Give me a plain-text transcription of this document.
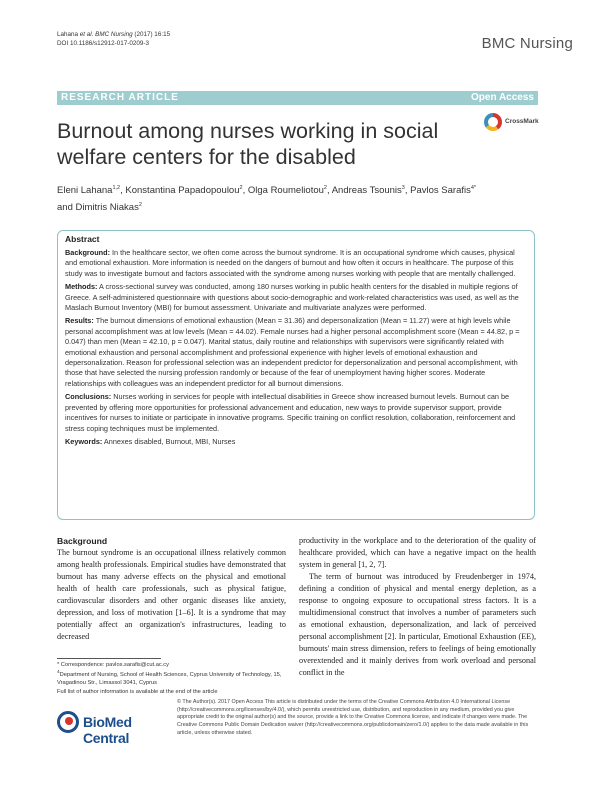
Lahana et al. BMC Nursing (2017) 16:15
DOI 10.1186/s12912-017-0209-3	BMC Nursing
RESEARCH ARTICLE	Open Access
Burnout among nurses working in social welfare centers for the disabled
CrossMark
Eleni Lahana$^{1,2}$, Konstantina Papadopoulou$^2$, Olga Roumeliotou$^2$, Andreas Tsounis$^3$, Pavlos Sarafis$^{4*}$
and Dimitris Niakas$^2$
Abstract

Background: In the healthcare sector, we often come across the burnout syndrome. It is an occupational syndrome which causes, physical and emotional exhaustion. More information is needed on the dangers of burnout and how often it occurs in healthcare. The purpose of this study was to investigate burnout and factors associated with the syndrome among nurses working with people that are mentally challenged.

Methods: A cross-sectional survey was conducted, among 180 nurses working in public health centers for the disabled in multiple regions of Greece. A self-administered questionnaire with questions about socio-demographic and work-related characteristics was used, as well as the Maslach Burnout Inventory (MBI) for burnout assessment. Univariate and multivariate analyzes were performed.

Results: The burnout dimensions of emotional exhaustion (Mean = 31.36) and depersonalization (Mean = 11.27) were at high levels while personal accomplishment was at low levels (Mean = 44.02). Female nurses had a higher personal accomplishment score (Mean = 44.82, p = 0.047) than men (Mean = 42.10, p = 0.047). Marital status, daily routine and relationships with supervisors were significantly related with emotional exhaustion and personal accomplishment and professional experience with higher levels of emotional exhaustion and depersonalization. Reason for professional selection was an independent predictor for depersonalization and personal accomplishment, with those that have selected the nursing profession randomly or because of the fear of unemployment having higher scores. Moderate relationships with colleagues was an independent predictor for all burnout dimensions.

Conclusions: Nurses working in services for people with intellectual disabilities in Greece show increased burnout levels. Burnout can be prevented by offering more opportunities for professional advancement and education, new ways to provide supervisor support, provide incentives for nurses to initiate or participate in innovative programs. Specific training on conflict resolution, collaboration, reinforcement and stress coping techniques must be implemented.

Keywords: Annexes disabled, Burnout, MBI, Nurses

Background

The burnout syndrome is an occupational illness relatively common among health professionals. Empirical studies have demonstrated that burnout has many adverse effects on the physical and emotional health of health care professionals, such as physical fatigue, cardiovascular disorders and other organic diseases like anxiety, depression, and loss of motivation [1–6]. It is a syndrome that may potentially affect an organization's infrastructures, leading to decreased

productivity in the workplace and to the deterioration of the quality of healthcare provided, which can have a negative impact on the health system in general [1, 2, 7].

The term of burnout was introduced by Freudenberger in 1974, defining a condition of physical and mental energy depletion, as a response to ongoing exposure to occupational stress factors. It is a multidimensional construct that involves a number of parameters such as emotional exhaustion, depersonalization, and lack of perceived personal accomplishment [2]. In particular, Emotional Exhaustion (EE), burnouts' main stress dimension, refers to feelings of being emotionally overextended and it mainly derives from work overload and personal conflict in the

* Correspondence: pavlos.sarafis@cut.ac.cy
$^4$Department of Nursing, School of Health Sciences, Cyprus University of Technology, 15, Vragadinou Str., Limassol 3041, Cyprus
Full list of author information is available at the end of the article
BioMed Central
© The Author(s). 2017 Open Access This article is distributed under the terms of the Creative Commons Attribution 4.0 International License (http://creativecommons.org/licenses/by/4.0/), which permits unrestricted use, distribution, and reproduction in any medium, provided you give appropriate credit to the original author(s) and the source, provide a link to the Creative Commons license, and indicate if changes were made. The Creative Commons Public Domain Dedication waiver (http://creativecommons.org/publicdomain/zero/1.0/) applies to the data made available in this article, unless otherwise stated.
